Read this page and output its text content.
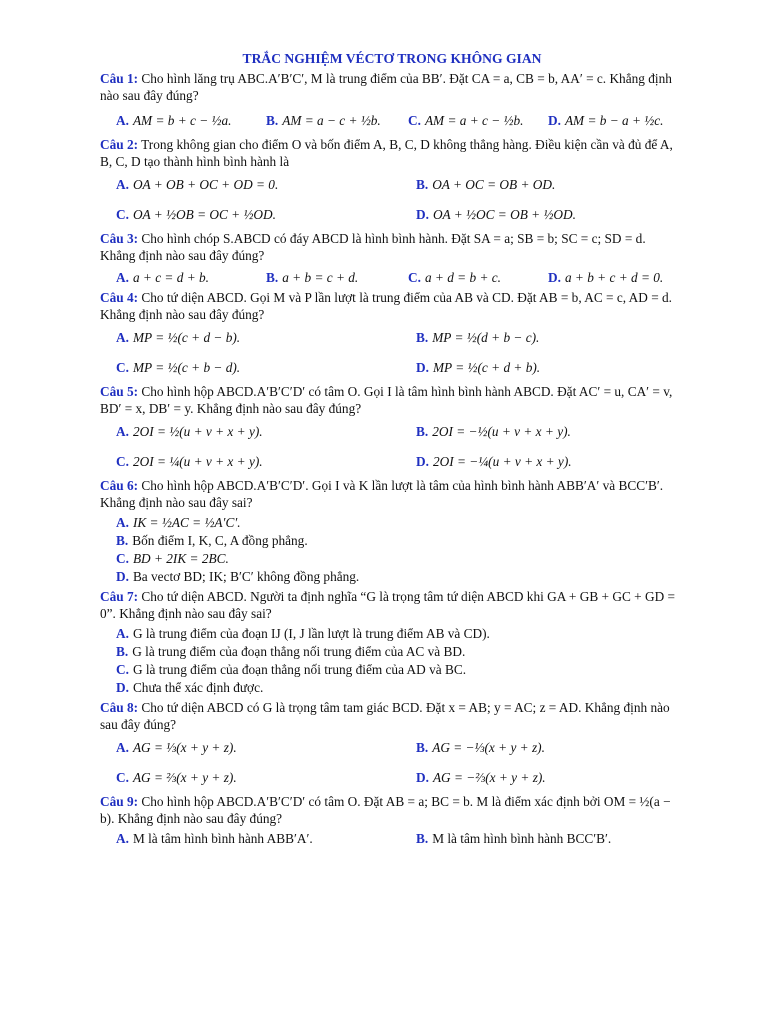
TRẮC NGHIỆM VÉCTƠ TRONG KHÔNG GIAN
Câu 1: Cho hình lăng trụ ABC.A′B′C′, M là trung điểm của BB′. Đặt CA = a, CB = b, AA′ = c. Khẳng định nào sau đây đúng?
A. AM = b + c − ½a.	B. AM = a − c + ½b.	C. AM = a + c − ½b.	D. AM = b − a + ½c.
Câu 2: Trong không gian cho điểm O và bốn điểm A, B, C, D không thẳng hàng. Điều kiện cần và đủ để A, B, C, D tạo thành hình bình hành là
A. OA + OB + OC + OD = 0.	B. OA + OC = OB + OD.
C. OA + ½OB = OC + ½OD.	D. OA + ½OC = OB + ½OD.
Câu 3: Cho hình chóp S.ABCD có đáy ABCD là hình bình hành. Đặt SA = a; SB = b; SC = c; SD = d. Khẳng định nào sau đây đúng?
A. a + c = d + b.	B. a + b = c + d.	C. a + d = b + c.	D. a + b + c + d = 0.
Câu 4: Cho tứ diện ABCD. Gọi M và P lần lượt là trung điểm của AB và CD. Đặt AB = b, AC = c, AD = d. Khẳng định nào sau đây đúng?
A. MP = ½(c + d − b).	B. MP = ½(d + b − c).
C. MP = ½(c + b − d).	D. MP = ½(c + d + b).
Câu 5: Cho hình hộp ABCD.A′B′C′D′ có tâm O. Gọi I là tâm hình bình hành ABCD. Đặt AC′ = u, CA′ = v, BD′ = x, DB′ = y. Khẳng định nào sau đây đúng?
A. 2OI = ½(u + v + x + y).	B. 2OI = −½(u + v + x + y).
C. 2OI = ¼(u + v + x + y).	D. 2OI = −¼(u + v + x + y).
Câu 6: Cho hình hộp ABCD.A′B′C′D′. Gọi I và K lần lượt là tâm của hình bình hành ABB′A′ và BCC′B′. Khẳng định nào sau đây sai?
A. IK = ½AC = ½A′C′.
B. Bốn điểm I, K, C, A đồng phẳng.
C. BD + 2IK = 2BC.
D. Ba vectơ BD; IK; B′C′ không đồng phẳng.
Câu 7: Cho tứ diện ABCD. Người ta định nghĩa “G là trọng tâm tứ diện ABCD khi GA + GB + GC + GD = 0”. Khẳng định nào sau đây sai?
A. G là trung điểm của đoạn IJ (I, J lần lượt là trung điểm AB và CD).
B. G là trung điểm của đoạn thẳng nối trung điểm của AC và BD.
C. G là trung điểm của đoạn thẳng nối trung điểm của AD và BC.
D. Chưa thể xác định được.
Câu 8: Cho tứ diện ABCD có G là trọng tâm tam giác BCD. Đặt x = AB; y = AC; z = AD. Khẳng định nào sau đây đúng?
A. AG = ⅓(x + y + z).	B. AG = −⅓(x + y + z).
C. AG = ⅔(x + y + z).	D. AG = −⅔(x + y + z).
Câu 9: Cho hình hộp ABCD.A′B′C′D′ có tâm O. Đặt AB = a; BC = b. M là điểm xác định bởi OM = ½(a − b). Khẳng định nào sau đây đúng?
A. M là tâm hình bình hành ABB′A′.	B. M là tâm hình bình hành BCC′B′.
